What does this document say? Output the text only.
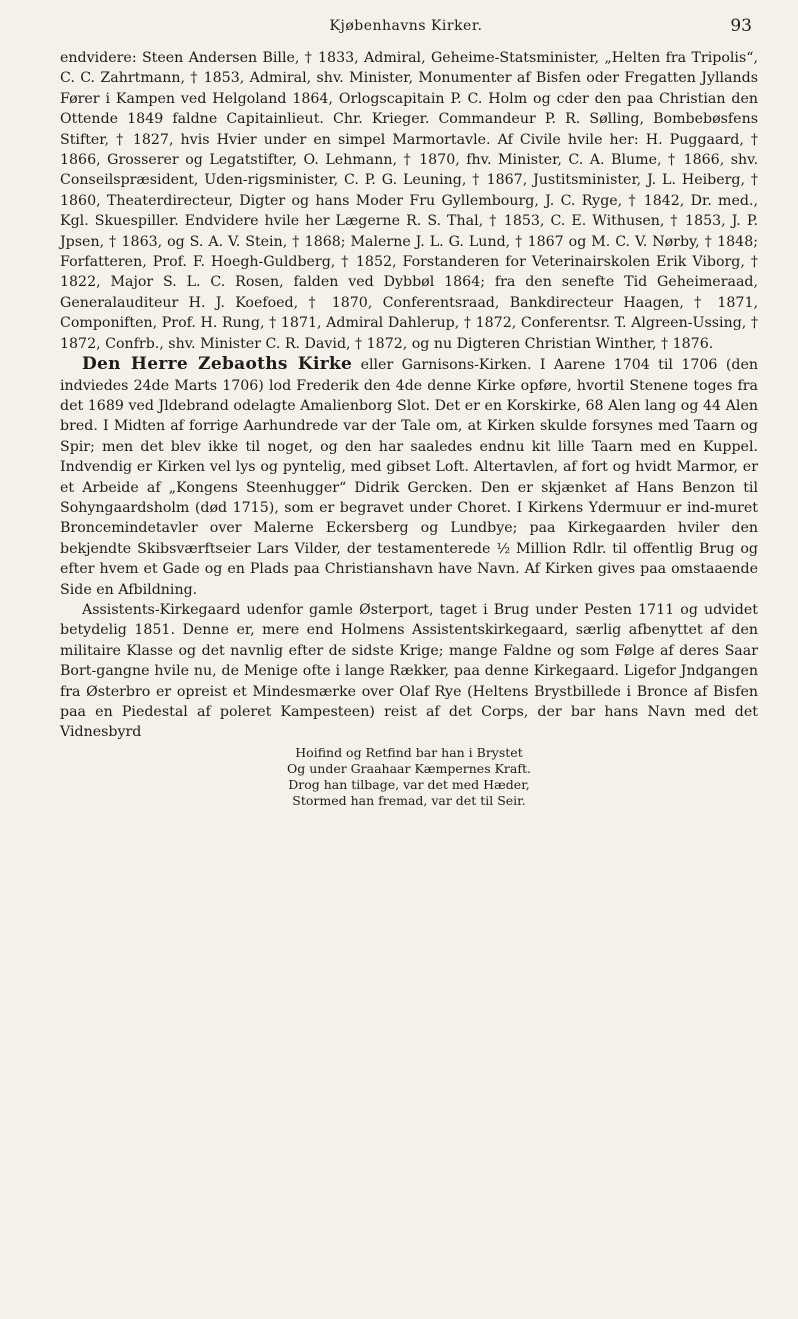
Kjøbenhavns Kirker.	93

endvidere: Steen Andersen Bille, † 1833, Admiral, Geheime-Statsminister, „Helten fra Tripolis“, C. C. Zahrtmann, † 1853, Admiral, shv. Minister, Monumenter af Bisfen oder Fregatten Jyllands Fører i Kampen ved Helgoland 1864, Orlogscapitain P. C. Holm og cder den paa Christian den Ottende 1849 faldne Capitainlieut. Chr. Krieger. Commandeur P. R. Sølling, Bombebøsfens Stifter, † 1827, hvis Hvier under en simpel Marmortavle. Af Civile hvile her: H. Puggaard, † 1866, Grosserer og Legatstifter, O. Lehmann, † 1870, fhv. Minister, C. A. Blume, † 1866, shv. Conseilspræsident, Uden-rigsminister, C. P. G. Leuning, † 1867, Justitsminister, J. L. Heiberg, † 1860, Theaterdirecteur, Digter og hans Moder Fru Gyllembourg, J. C. Ryge, † 1842, Dr. med., Kgl. Skuespiller. Endvidere hvile her Lægerne R. S. Thal, † 1853, C. E. Withusen, † 1853, J. P. Jpsen, † 1863, og S. A. V. Stein, † 1868; Malerne J. L. G. Lund, † 1867 og M. C. V. Nørby, † 1848; Forfatteren, Prof. F. Hoegh-Guldberg, † 1852, Forstanderen for Veterinairskolen Erik Viborg, † 1822, Major S. L. C. Rosen, falden ved Dybbøl 1864; fra den senefte Tid Geheimeraad, Generalauditeur H. J. Koefoed, † 1870, Conferentsraad, Bankdirecteur Haagen, † 1871, Componiften, Prof. H. Rung, † 1871, Admiral Dahlerup, † 1872, Conferentsr. T. Algreen-Ussing, † 1872, Confrb., shv. Minister C. R. David, † 1872, og nu Digteren Christian Winther, † 1876.

Den Herre Zebaoths Kirke eller Garnisons-Kirken. I Aarene 1704 til 1706 (den indviedes 24de Marts 1706) lod Frederik den 4de denne Kirke opføre, hvortil Stenene toges fra det 1689 ved Jldebrand odelagte Amalienborg Slot. Det er en Korskirke, 68 Alen lang og 44 Alen bred. I Midten af forrige Aarhundrede var der Tale om, at Kirken skulde forsynes med Taarn og Spir; men det blev ikke til noget, og den har saaledes endnu kit lille Taarn med en Kuppel. Indvendig er Kirken vel lys og pyntelig, med gibset Loft. Altertavlen, af fort og hvidt Marmor, er et Arbeide af „Kongens Steenhugger“ Didrik Gercken. Den er skjænket af Hans Benzon til Sohyngaardsholm (død 1715), som er begravet under Choret. I Kirkens Ydermuur er ind-muret Broncemindetavler over Malerne Eckersberg og Lundbye; paa Kirkegaarden hviler den bekjendte Skibsværftseier Lars Vilder, der testamenterede ½ Million Rdlr. til offentlig Brug og efter hvem et Gade og en Plads paa Christianshavn have Navn. Af Kirken gives paa omstaaende Side en Afbildning.

Assistents-Kirkegaard udenfor gamle Østerport, taget i Brug under Pesten 1711 og udvidet betydelig 1851. Denne er, mere end Holmens Assistentskirkegaard, særlig afbenyttet af den militaire Klasse og det navnlig efter de sidste Krige; mange Faldne og som Følge af deres Saar Bort-gangne hvile nu, de Menige ofte i lange Rækker, paa denne Kirkegaard. Ligefor Jndgangen fra Østerbro er opreist et Mindesmærke over Olaf Rye (Heltens Brystbillede i Bronce af Bisfen paa en Piedestal af poleret Kampesteen) reist af det Corps, der bar hans Navn med det Vidnesbyrd

Hoifind og Retfind bar han i Brystet
Og under Graahaar Kæmpernes Kraft.
Drog han tilbage, var det med Hæder,
Stormed han fremad, var det til Seir.
